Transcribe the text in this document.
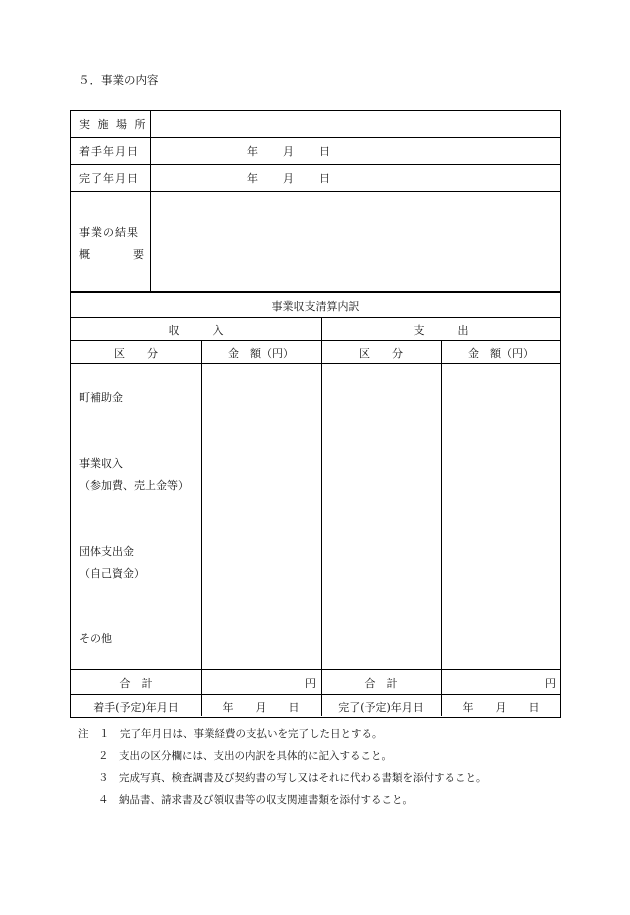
５．事業の内容
実 施 場 所
着手年月日	年 月 日
完了年月日	年 月 日
事業の結果
概	要
事業収支清算内訳
収　　　入	支　　　出
区　　分	金　額（円）	区　　分	金　額（円）
町補助金
事業収入
（参加費、売上金等）
団体支出金
（自己資金）
その他
合　計	円	合　計	円
着手(予定)年月日	年　　月　　日	完了(予定)年月日	年　　月　　日
注　１　完了年月日は、事業経費の支払いを完了した日とする。
２　支出の区分欄には、支出の内訳を具体的に記入すること。
３　完成写真、検査調書及び契約書の写し又はそれに代わる書類を添付すること。
４　納品書、請求書及び領収書等の収支関連書類を添付すること。
